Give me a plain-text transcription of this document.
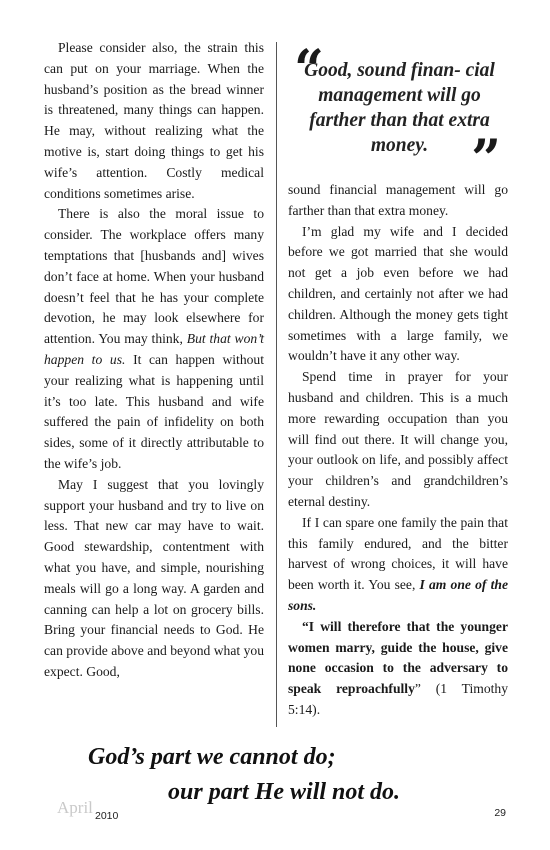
Please consider also, the strain this can put on your marriage. When the husband’s position as the bread winner is threatened, many things can happen. He may, without realizing what the motive is, start doing things to get his wife’s attention. Costly medical conditions sometimes arise.

There is also the moral issue to consider. The workplace offers many temptations that [husbands and] wives don’t face at home. When your husband doesn’t feel that he has your complete devotion, he may look elsewhere for attention. You may think, But that won’t happen to us. It can happen without your realizing what is happening until it’s too late. This husband and wife suffered the pain of infidelity on both sides, some of it directly attributable to the wife’s job.

May I suggest that you lovingly support your husband and try to live on less. That new car may have to wait. Good stewardship, contentment with what you have, and simple, nourishing meals will go a long way. A garden and canning can help a lot on grocery bills. Bring your financial needs to God. He can provide above and beyond what you expect. Good,

“
Good, sound finan- cial management will go farther than that extra money. ”

sound financial management will go farther than that extra money.

I’m glad my wife and I decided before we got married that she would not get a job even before we had children, and certainly not after we had children. Although the money gets tight sometimes with a large family, we wouldn’t have it any other way.

Spend time in prayer for your husband and children. This is a much more rewarding occupation than you will find out there. It will change you, your outlook on life, and possibly affect your children’s and grandchildren’s eternal destiny.

If I can spare one family the pain that this family endured, and the bitter harvest of wrong choices, it will have been worth it. You see, I am one of the sons.

“I will therefore that the younger women marry, guide the house, give none occasion to the adversary to speak reproachfully” (1 Timothy 5:14).

God’s part we cannot do;
our part He will not do.
April 2010	29
